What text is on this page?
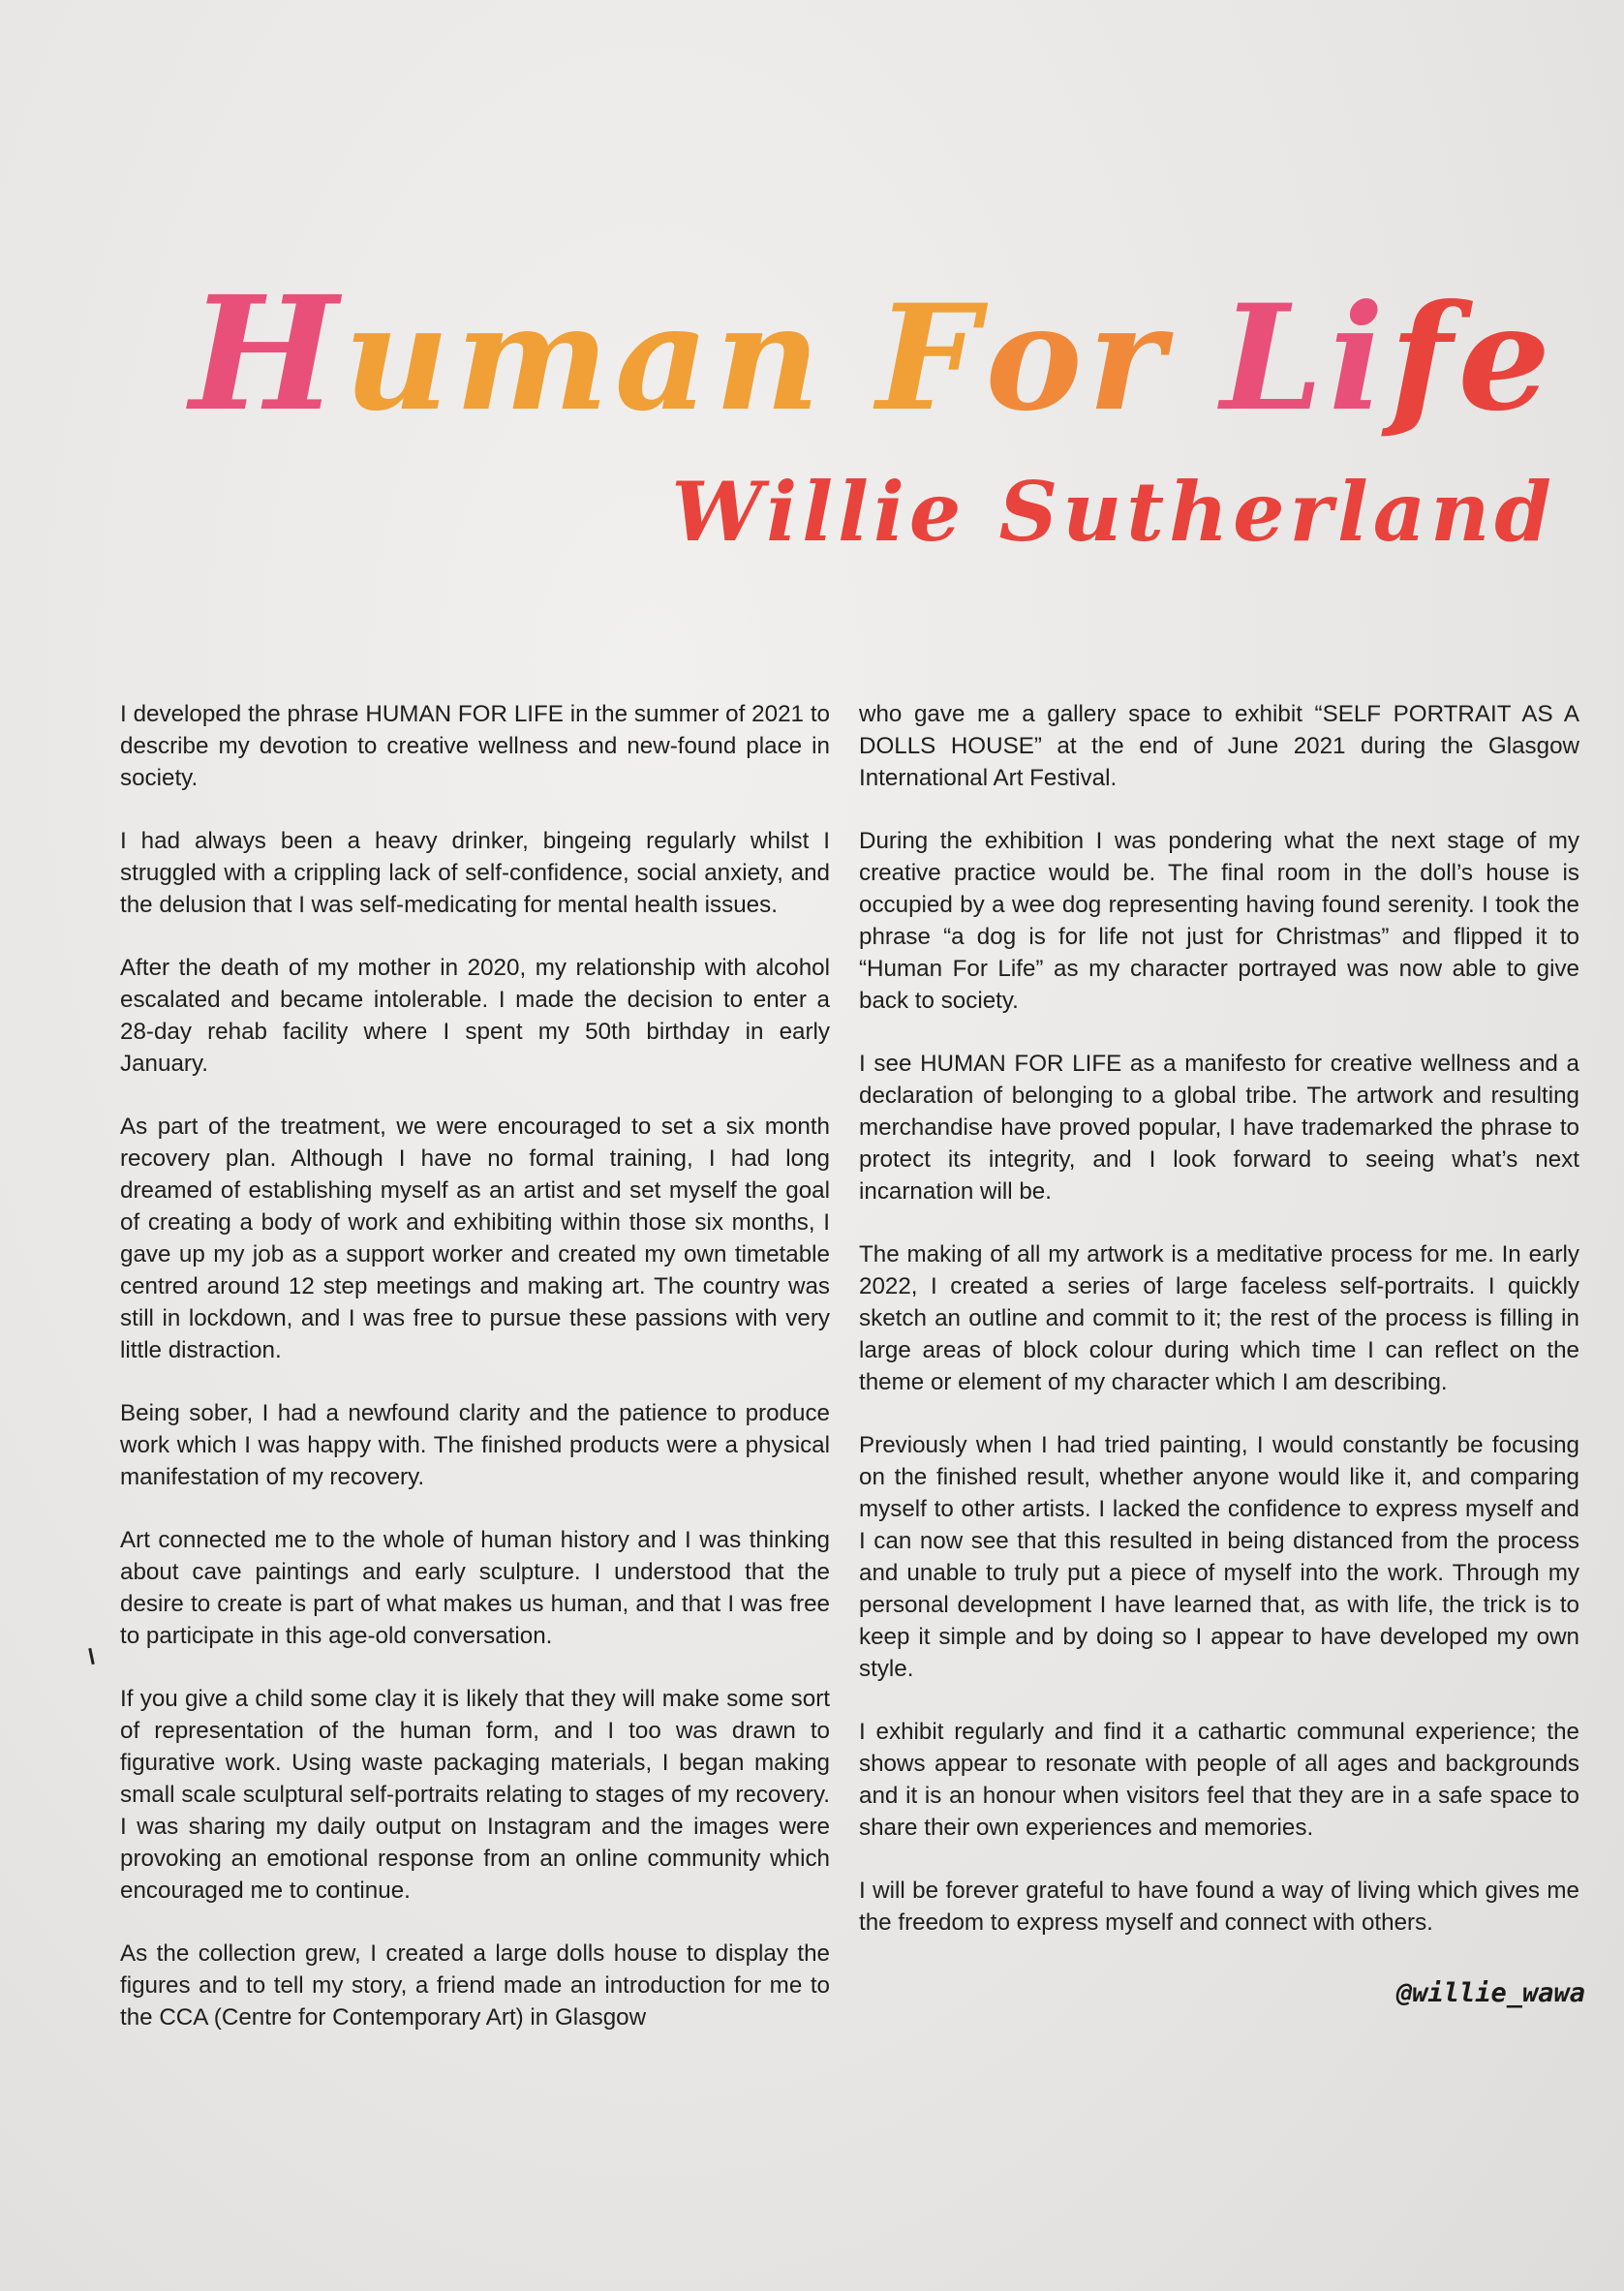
Human For Life
Willie Sutherland

I developed the phrase HUMAN FOR LIFE in the summer of 2021 to describe my devotion to creative wellness and new-found place in society.

I had always been a heavy drinker, bingeing regularly whilst I struggled with a crippling lack of self-confidence, social anxiety, and the delusion that I was self-medicating for mental health issues.

After the death of my mother in 2020, my relationship with alcohol escalated and became intolerable. I made the decision to enter a 28-day rehab facility where I spent my 50th birthday in early January.

As part of the treatment, we were encouraged to set a six month recovery plan. Although I have no formal training, I had long dreamed of establishing myself as an artist and set myself the goal of creating a body of work and exhibiting within those six months, I gave up my job as a support worker and created my own timetable centred around 12 step meetings and making art. The country was still in lockdown, and I was free to pursue these passions with very little distraction.

Being sober, I had a newfound clarity and the patience to produce work which I was happy with. The finished products were a physical manifestation of my recovery.

Art connected me to the whole of human history and I was thinking about cave paintings and early sculpture. I understood that the desire to create is part of what makes us human, and that I was free to participate in this age-old conversation.

If you give a child some clay it is likely that they will make some sort of representation of the human form, and I too was drawn to figurative work. Using waste packaging materials, I began making small scale sculptural self-portraits relating to stages of my recovery. I was sharing my daily output on Instagram and the images were provoking an emotional response from an online community which encouraged me to continue.

As the collection grew, I created a large dolls house to display the figures and to tell my story, a friend made an introduction for me to the CCA (Centre for Contemporary Art) in Glasgow

who gave me a gallery space to exhibit “SELF PORTRAIT AS A DOLLS HOUSE” at the end of June 2021 during the Glasgow International Art Festival.

During the exhibition I was pondering what the next stage of my creative practice would be. The final room in the doll’s house is occupied by a wee dog representing having found serenity. I took the phrase “a dog is for life not just for Christmas” and flipped it to “Human For Life” as my character portrayed was now able to give back to society.

I see HUMAN FOR LIFE as a manifesto for creative wellness and a declaration of belonging to a global tribe. The artwork and resulting merchandise have proved popular, I have trademarked the phrase to protect its integrity, and I look forward to seeing what’s next incarnation will be.

The making of all my artwork is a meditative process for me. In early 2022, I created a series of large faceless self-portraits. I quickly sketch an outline and commit to it; the rest of the process is filling in large areas of block colour during which time I can reflect on the theme or element of my character which I am describing.

Previously when I had tried painting, I would constantly be focusing on the finished result, whether anyone would like it, and comparing myself to other artists. I lacked the confidence to express myself and I can now see that this resulted in being distanced from the process and unable to truly put a piece of myself into the work. Through my personal development I have learned that, as with life, the trick is to keep it simple and by doing so I appear to have developed my own style.

I exhibit regularly and find it a cathartic communal experience; the shows appear to resonate with people of all ages and backgrounds and it is an honour when visitors feel that they are in a safe space to share their own experiences and memories.

I will be forever grateful to have found a way of living which gives me the freedom to express myself and connect with others.

@willie_wawa
